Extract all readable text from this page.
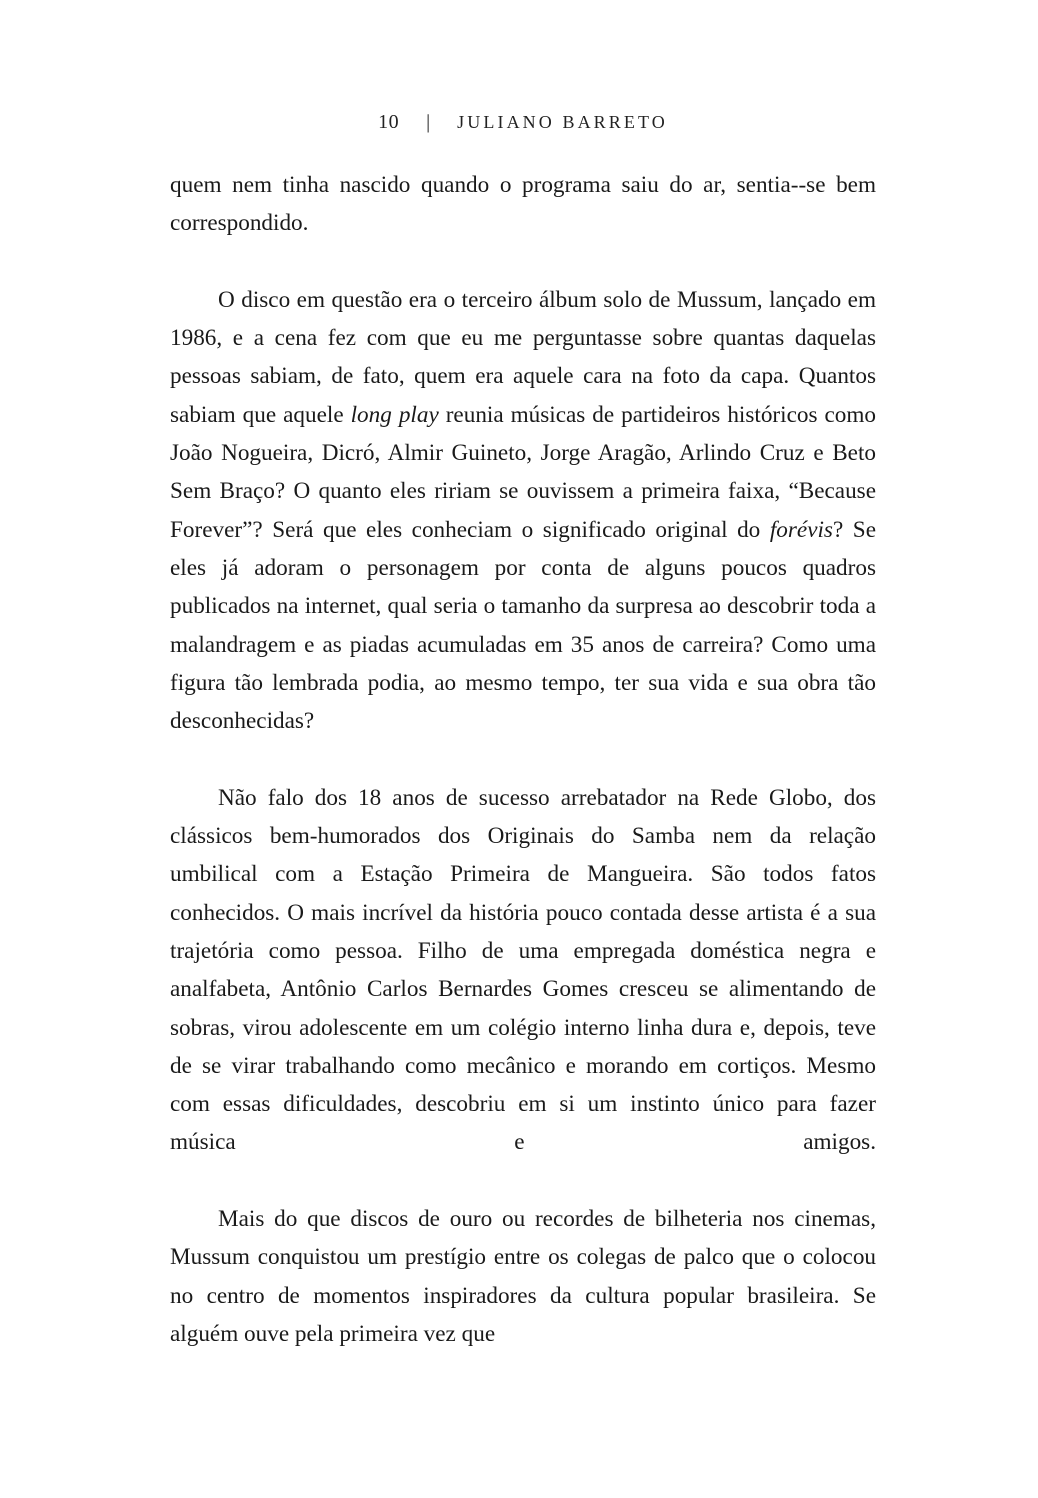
10 | JULIANO BARRETO

quem nem tinha nascido quando o programa saiu do ar, sentia--se bem correspondido.

O disco em questão era o terceiro álbum solo de Mussum, lançado em 1986, e a cena fez com que eu me perguntasse sobre quantas daquelas pessoas sabiam, de fato, quem era aquele cara na foto da capa. Quantos sabiam que aquele long play reunia músicas de partideiros históricos como João Nogueira, Dicró, Almir Guineto, Jorge Aragão, Arlindo Cruz e Beto Sem Braço? O quanto eles ririam se ouvissem a primeira faixa, “Because Forever”? Será que eles conheciam o significado original do forévis? Se eles já adoram o personagem por conta de alguns poucos quadros publicados na internet, qual seria o tamanho da surpresa ao descobrir toda a malandragem e as piadas acumuladas em 35 anos de carreira? Como uma figura tão lembrada podia, ao mesmo tempo, ter sua vida e sua obra tão desconhecidas?

Não falo dos 18 anos de sucesso arrebatador na Rede Globo, dos clássicos bem-humorados dos Originais do Samba nem da relação umbilical com a Estação Primeira de Mangueira. São todos fatos conhecidos. O mais incrível da história pouco contada desse artista é a sua trajetória como pessoa. Filho de uma empregada doméstica negra e analfabeta, Antônio Carlos Bernardes Gomes cresceu se alimentando de sobras, virou adolescente em um colégio interno linha dura e, depois, teve de se virar trabalhando como mecânico e morando em cortiços. Mesmo com essas dificuldades, descobriu em si um instinto único para fazer música e amigos.

Mais do que discos de ouro ou recordes de bilheteria nos cinemas, Mussum conquistou um prestígio entre os colegas de palco que o colocou no centro de momentos inspiradores da cultura popular brasileira. Se alguém ouve pela primeira vez que
